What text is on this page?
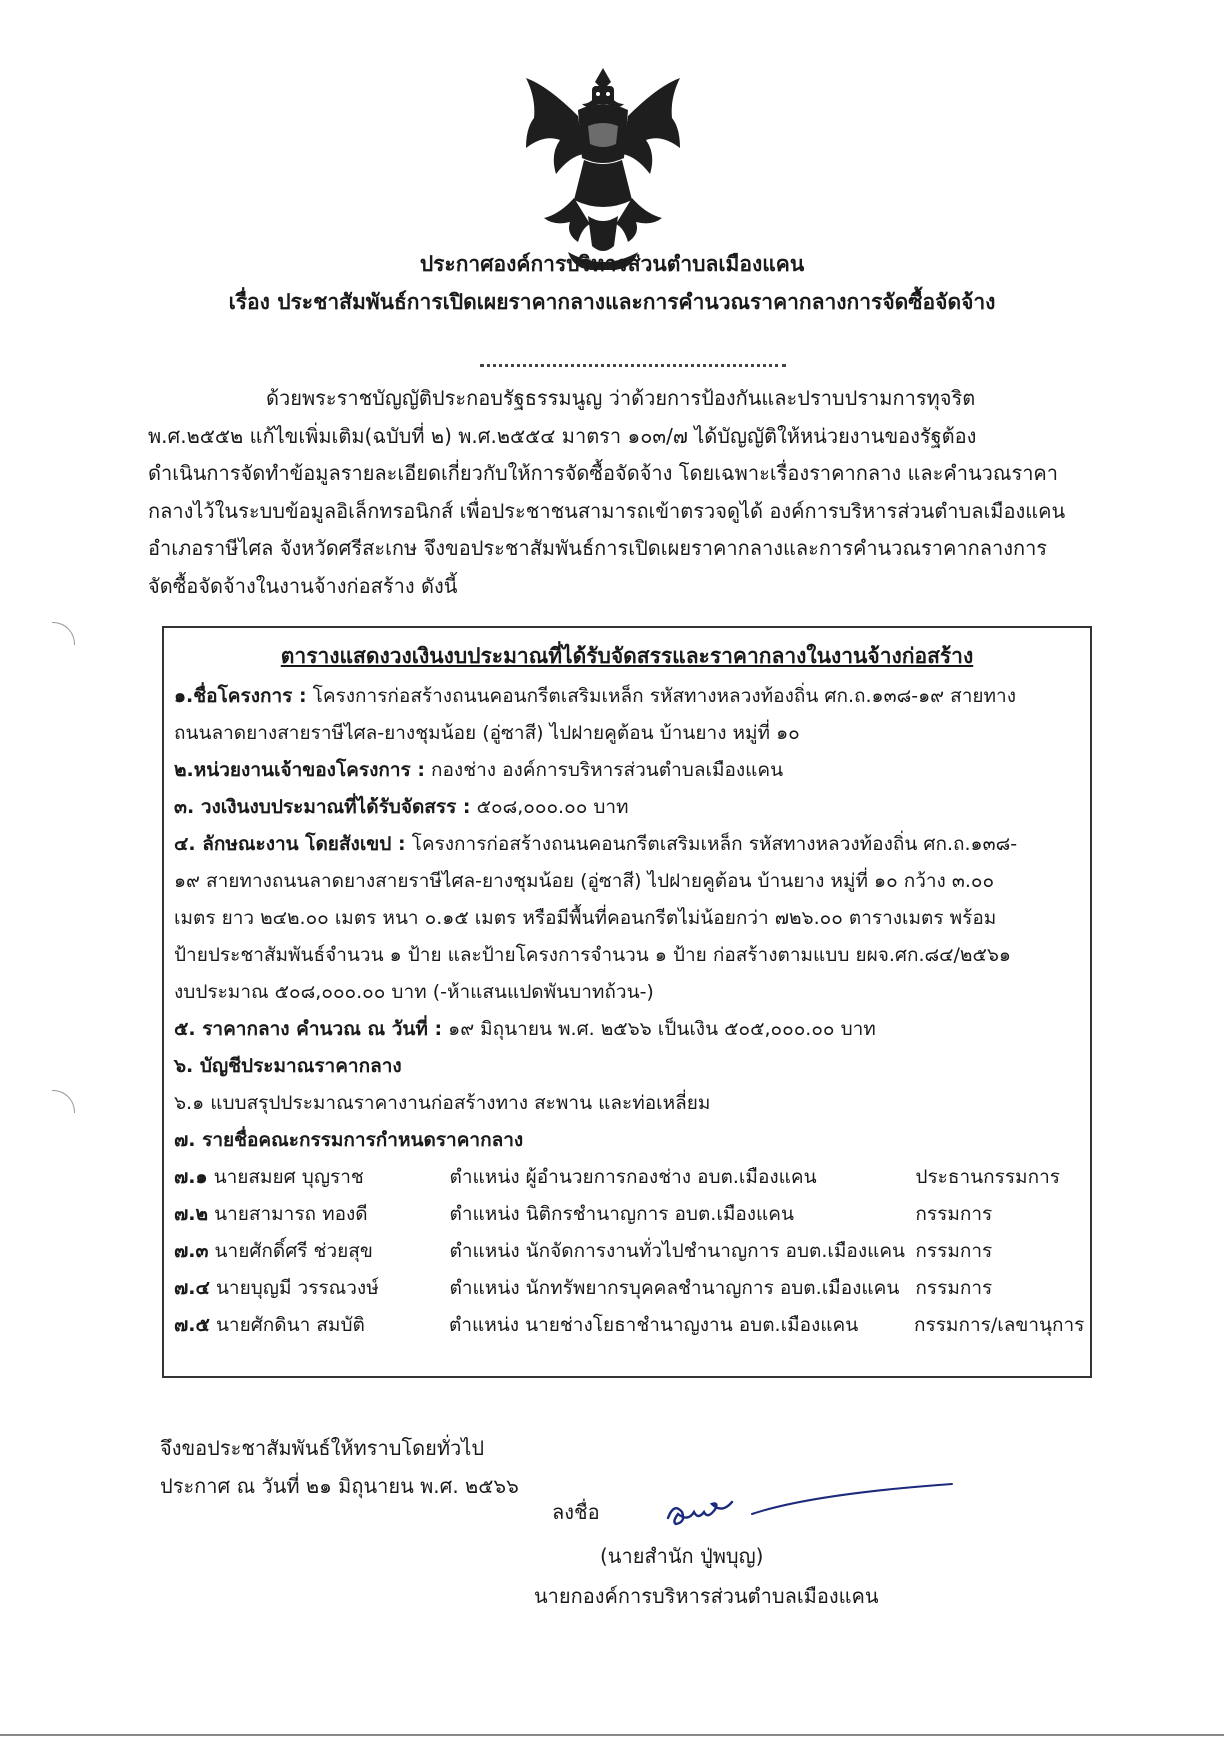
ประกาศองค์การบริหารส่วนตำบลเมืองแคน
เรื่อง ประชาสัมพันธ์การเปิดเผยราคากลางและการคำนวณราคากลางการจัดซื้อจัดจ้าง
ด้วยพระราชบัญญัติประกอบรัฐธรรมนูญ ว่าด้วยการป้องกันและปราบปรามการทุจริต
พ.ศ.๒๕๕๒ แก้ไขเพิ่มเติม(ฉบับที่ ๒) พ.ศ.๒๕๕๔ มาตรา ๑๐๓/๗ ได้บัญญัติให้หน่วยงานของรัฐต้อง
ดำเนินการจัดทำข้อมูลรายละเอียดเกี่ยวกับให้การจัดซื้อจัดจ้าง โดยเฉพาะเรื่องราคากลาง และคำนวณราคา
กลางไว้ในระบบข้อมูลอิเล็กทรอนิกส์ เพื่อประชาชนสามารถเข้าตรวจดูได้ องค์การบริหารส่วนตำบลเมืองแคน
อำเภอราษีไศล จังหวัดศรีสะเกษ จึงขอประชาสัมพันธ์การเปิดเผยราคากลางและการคำนวณราคากลางการ
จัดซื้อจัดจ้างในงานจ้างก่อสร้าง ดังนี้
ตารางแสดงวงเงินงบประมาณที่ได้รับจัดสรรและราคากลางในงานจ้างก่อสร้าง
๑.ชื่อโครงการ : โครงการก่อสร้างถนนคอนกรีตเสริมเหล็ก รหัสทางหลวงท้องถิ่น ศก.ถ.๑๓๘-๑๙ สายทาง
ถนนลาดยางสายราษีไศล-ยางชุมน้อย (อู่ซาสี) ไปฝายคูต้อน บ้านยาง หมู่ที่ ๑๐
๒.หน่วยงานเจ้าของโครงการ : กองช่าง องค์การบริหารส่วนตำบลเมืองแคน
๓. วงเงินงบประมาณที่ได้รับจัดสรร : ๕๐๘,๐๐๐.๐๐ บาท
๔. ลักษณะงาน โดยสังเขป : โครงการก่อสร้างถนนคอนกรีตเสริมเหล็ก รหัสทางหลวงท้องถิ่น ศก.ถ.๑๓๘-
๑๙ สายทางถนนลาดยางสายราษีไศล-ยางชุมน้อย (อู่ซาสี) ไปฝายคูต้อน บ้านยาง หมู่ที่ ๑๐ กว้าง ๓.๐๐
เมตร ยาว ๒๔๒.๐๐ เมตร หนา ๐.๑๕ เมตร หรือมีพื้นที่คอนกรีตไม่น้อยกว่า ๗๒๖.๐๐ ตารางเมตร พร้อม
ป้ายประชาสัมพันธ์จำนวน ๑ ป้าย และป้ายโครงการจำนวน ๑ ป้าย ก่อสร้างตามแบบ ยผจ.ศก.๘๔/๒๕๖๑
งบประมาณ ๕๐๘,๐๐๐.๐๐ บาท (-ห้าแสนแปดพันบาทถ้วน-)
๕. ราคากลาง คำนวณ ณ วันที่ : ๑๙ มิถุนายน พ.ศ. ๒๕๖๖ เป็นเงิน ๕๐๕,๐๐๐.๐๐ บาท
๖. บัญชีประมาณราคากลาง
๖.๑ แบบสรุปประมาณราคางานก่อสร้างทาง สะพาน และท่อเหลี่ยม
๗. รายชื่อคณะกรรมการกำหนดราคากลาง
๗.๑ นายสมยศ บุญราช	ตำแหน่ง ผู้อำนวยการกองช่าง อบต.เมืองแคน	ประธานกรรมการ
๗.๒ นายสามารถ ทองดี	ตำแหน่ง นิติกรชำนาญการ อบต.เมืองแคน	กรรมการ
๗.๓ นายศักดิ์ศรี ช่วยสุข	ตำแหน่ง นักจัดการงานทั่วไปชำนาญการ อบต.เมืองแคน กรรมการ
๗.๔ นายบุญมี วรรณวงษ์	ตำแหน่ง นักทรัพยากรบุคคลชำนาญการ อบต.เมืองแคน กรรมการ
๗.๕ นายศักดินา สมบัติ	ตำแหน่ง นายช่างโยธาชำนาญงาน อบต.เมืองแคน	กรรมการ/เลขานุการ
จึงขอประชาสัมพันธ์ให้ทราบโดยทั่วไป
ประกาศ ณ วันที่ ๒๑ มิถุนายน พ.ศ. ๒๕๖๖
ลงชื่อ
(นายสำนัก ปู่พบุญ)
นายกองค์การบริหารส่วนตำบลเมืองแคน
